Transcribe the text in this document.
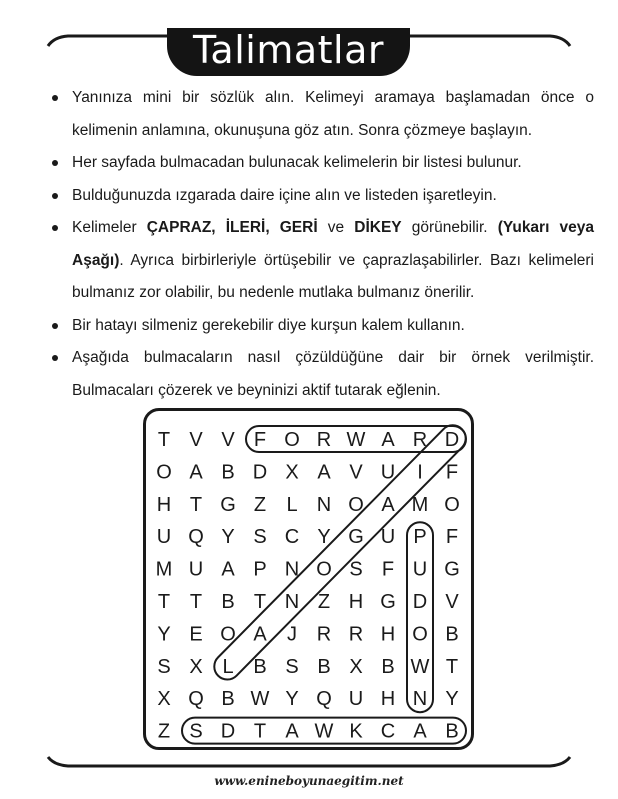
Talimatlar
Yanınıza mini bir sözlük alın. Kelimeyi aramaya başlamadan önce o kelimenin anlamına, okunuşuna göz atın. Sonra çözmeye başlayın.
Her sayfada bulmacadan bulunacak kelimelerin bir listesi bulunur.
Bulduğunuzda ızgarada daire içine alın ve listeden işaretleyin.
Kelimeler ÇAPRAZ, İLERİ, GERİ ve DİKEY görünebilir. (Yukarı veya Aşağı). Ayrıca birbirleriyle örtüşebilir ve çaprazlaşabilirler. Bazı kelimeleri bulmanız zor olabilir, bu nedenle mutlaka bulmanız önerilir.
Bir hatayı silmeniz gerekebilir diye kurşun kalem kullanın.
Aşağıda bulmacaların nasıl çözüldüğüne dair bir örnek verilmiştir. Bulmacaları çözerek ve beyninizi aktif tutarak eğlenin.
T V V F O R W A R D
O A B D X A V U I F
H T G Z L N O A M O
U Q Y S C Y G U P F
M U A P N O S F U G
T T B T N Z H G D V
Y E O A J R R H O B
S X L B S B X B W T
X Q B W Y Q U H N Y
Z S D T A W K C A B
www.enineboyunaegitim.net
